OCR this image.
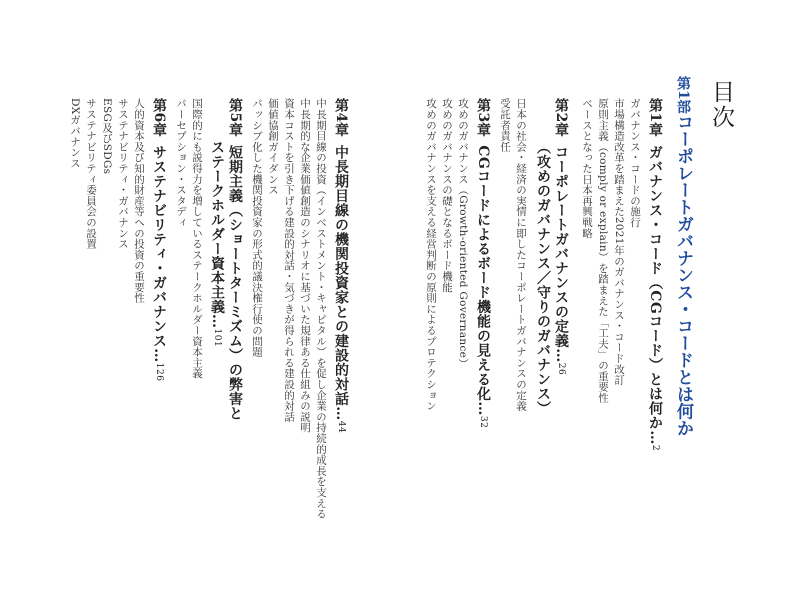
目次
第1部コーポレートガバナンス・コードとは何か
第1章ガバナンス・コード（CGコード）とは何か…2
ガバナンス・コードの施行
市場構造改革を踏まえた2021年のガバナンス・コード改訂
原則主義（comply or explain）を踏まえた「工夫」の重要性
ベースとなった日本再興戦略
第2章コーポレートガバナンスの定義…26
（攻めのガバナンス／守りのガバナンス）
日本の社会・経済の実情に即したコーポレートガバナンスの定義
受託者責任
第3章CGコードによるボード機能の見える化…32
攻めのガバナンス（Growth-oriented Governance）
攻めのガバナンスの礎となるボード機能
攻めのガバナンスを支える経営判断の原則によるプロテクション
第4章中長期目線の機関投資家との建設的対話…44
中長期目線の投資（インベストメント・キャピタル）を促し企業の持続的成長を支える
中長期的な企業価値創造のシナリオに基づいた規律ある仕組みの説明
資本コストを引き下げる建設的対話・気づきが得られる建設的対話
価値協創ガイダンス
パッシブ化した機関投資家の形式的議決権行使の問題
第5章短期主義（ショートターミズム）の弊害と
ステークホルダー資本主義…101
国際的にも説得力を増しているステークホルダー資本主義
パーセプション・スタディ
第6章サステナビリティ・ガバナンス…126
人的資本及び知的財産等への投資の重要性
サステナビリティ・ガバナンス
ESG及びSDGs
サステナビリティ委員会の設置
DXガバナンス
